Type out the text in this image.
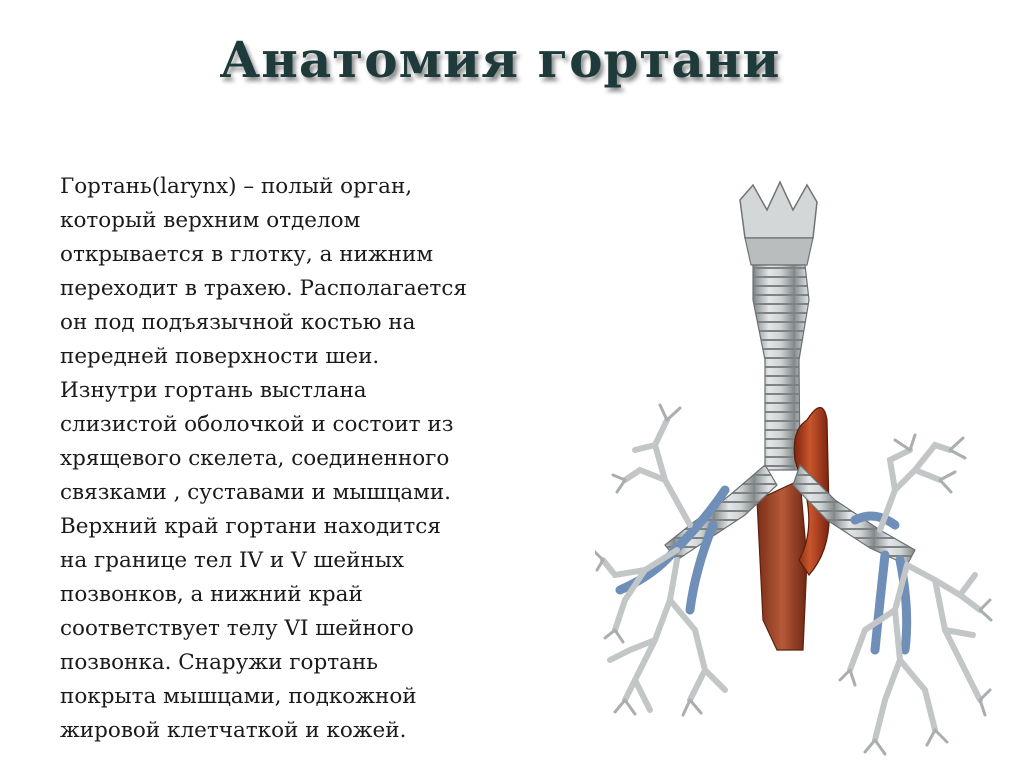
Анатомия гортани
Гортань(larynx) – полый орган,
который верхним отделом
открывается в глотку, а нижним
переходит в трахею. Располагается
он под подъязычной костью на
передней поверхности шеи.
Изнутри гортань выстлана
слизистой оболочкой и состоит из
хрящевого скелета, соединенного
связками , суставами и мышцами.
Верхний край гортани находится
на границе тел IV и V шейных
позвонков, а нижний край
соответствует телу VI шейного
позвонка. Снаружи гортань
покрыта мышцами, подкожной
жировой клетчаткой и кожей.
